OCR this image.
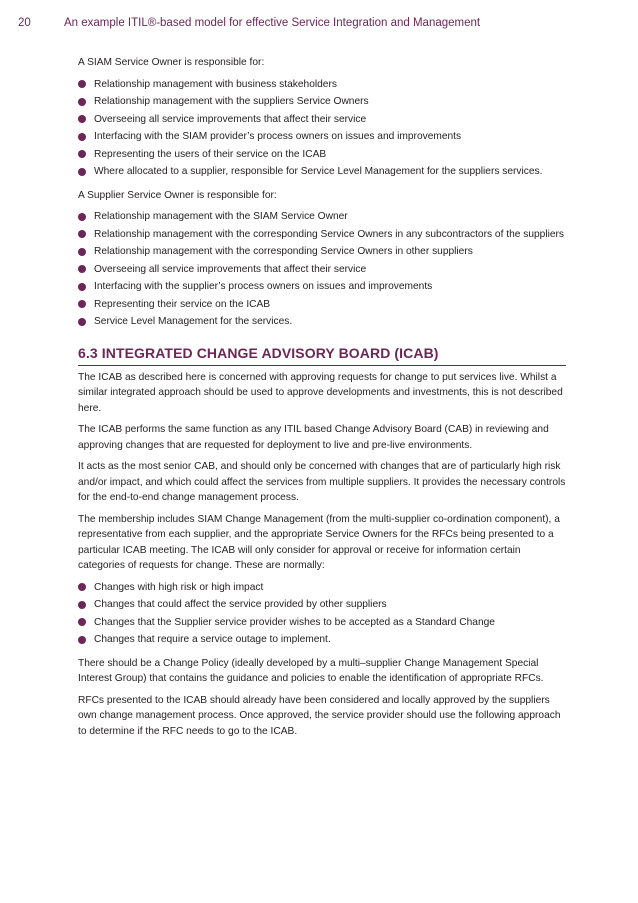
20	An example ITIL®-based model for effective Service Integration and Management

A SIAM Service Owner is responsible for:

Relationship management with business stakeholders
Relationship management with the suppliers Service Owners
Overseeing all service improvements that affect their service
Interfacing with the SIAM provider’s process owners on issues and improvements
Representing the users of their service on the ICAB
Where allocated to a supplier, responsible for Service Level Management for the suppliers services.

A Supplier Service Owner is responsible for:

Relationship management with the SIAM Service Owner
Relationship management with the corresponding Service Owners in any subcontractors of the suppliers
Relationship management with the corresponding Service Owners in other suppliers
Overseeing all service improvements that affect their service
Interfacing with the supplier’s process owners on issues and improvements
Representing their service on the ICAB
Service Level Management for the services.
6.3 INTEGRATED CHANGE ADVISORY BOARD (ICAB)

The ICAB as described here is concerned with approving requests for change to put services live. Whilst a similar integrated approach should be used to approve developments and investments, this is not described here.

The ICAB performs the same function as any ITIL based Change Advisory Board (CAB) in reviewing and approving changes that are requested for deployment to live and pre-live environments.

It acts as the most senior CAB, and should only be concerned with changes that are of particularly high risk and/or impact, and which could affect the services from multiple suppliers. It provides the necessary controls for the end-to-end change management process.

The membership includes SIAM Change Management (from the multi-supplier co-ordination component), a representative from each supplier, and the appropriate Service Owners for the RFCs being presented to a particular ICAB meeting. The ICAB will only consider for approval or receive for information certain categories of requests for change. These are normally:

Changes with high risk or high impact
Changes that could affect the service provided by other suppliers
Changes that the Supplier service provider wishes to be accepted as a Standard Change
Changes that require a service outage to implement.

There should be a Change Policy (ideally developed by a multi–supplier Change Management Special Interest Group) that contains the guidance and policies to enable the identification of appropriate RFCs.

RFCs presented to the ICAB should already have been considered and locally approved by the suppliers own change management process. Once approved, the service provider should use the following approach to determine if the RFC needs to go to the ICAB.
